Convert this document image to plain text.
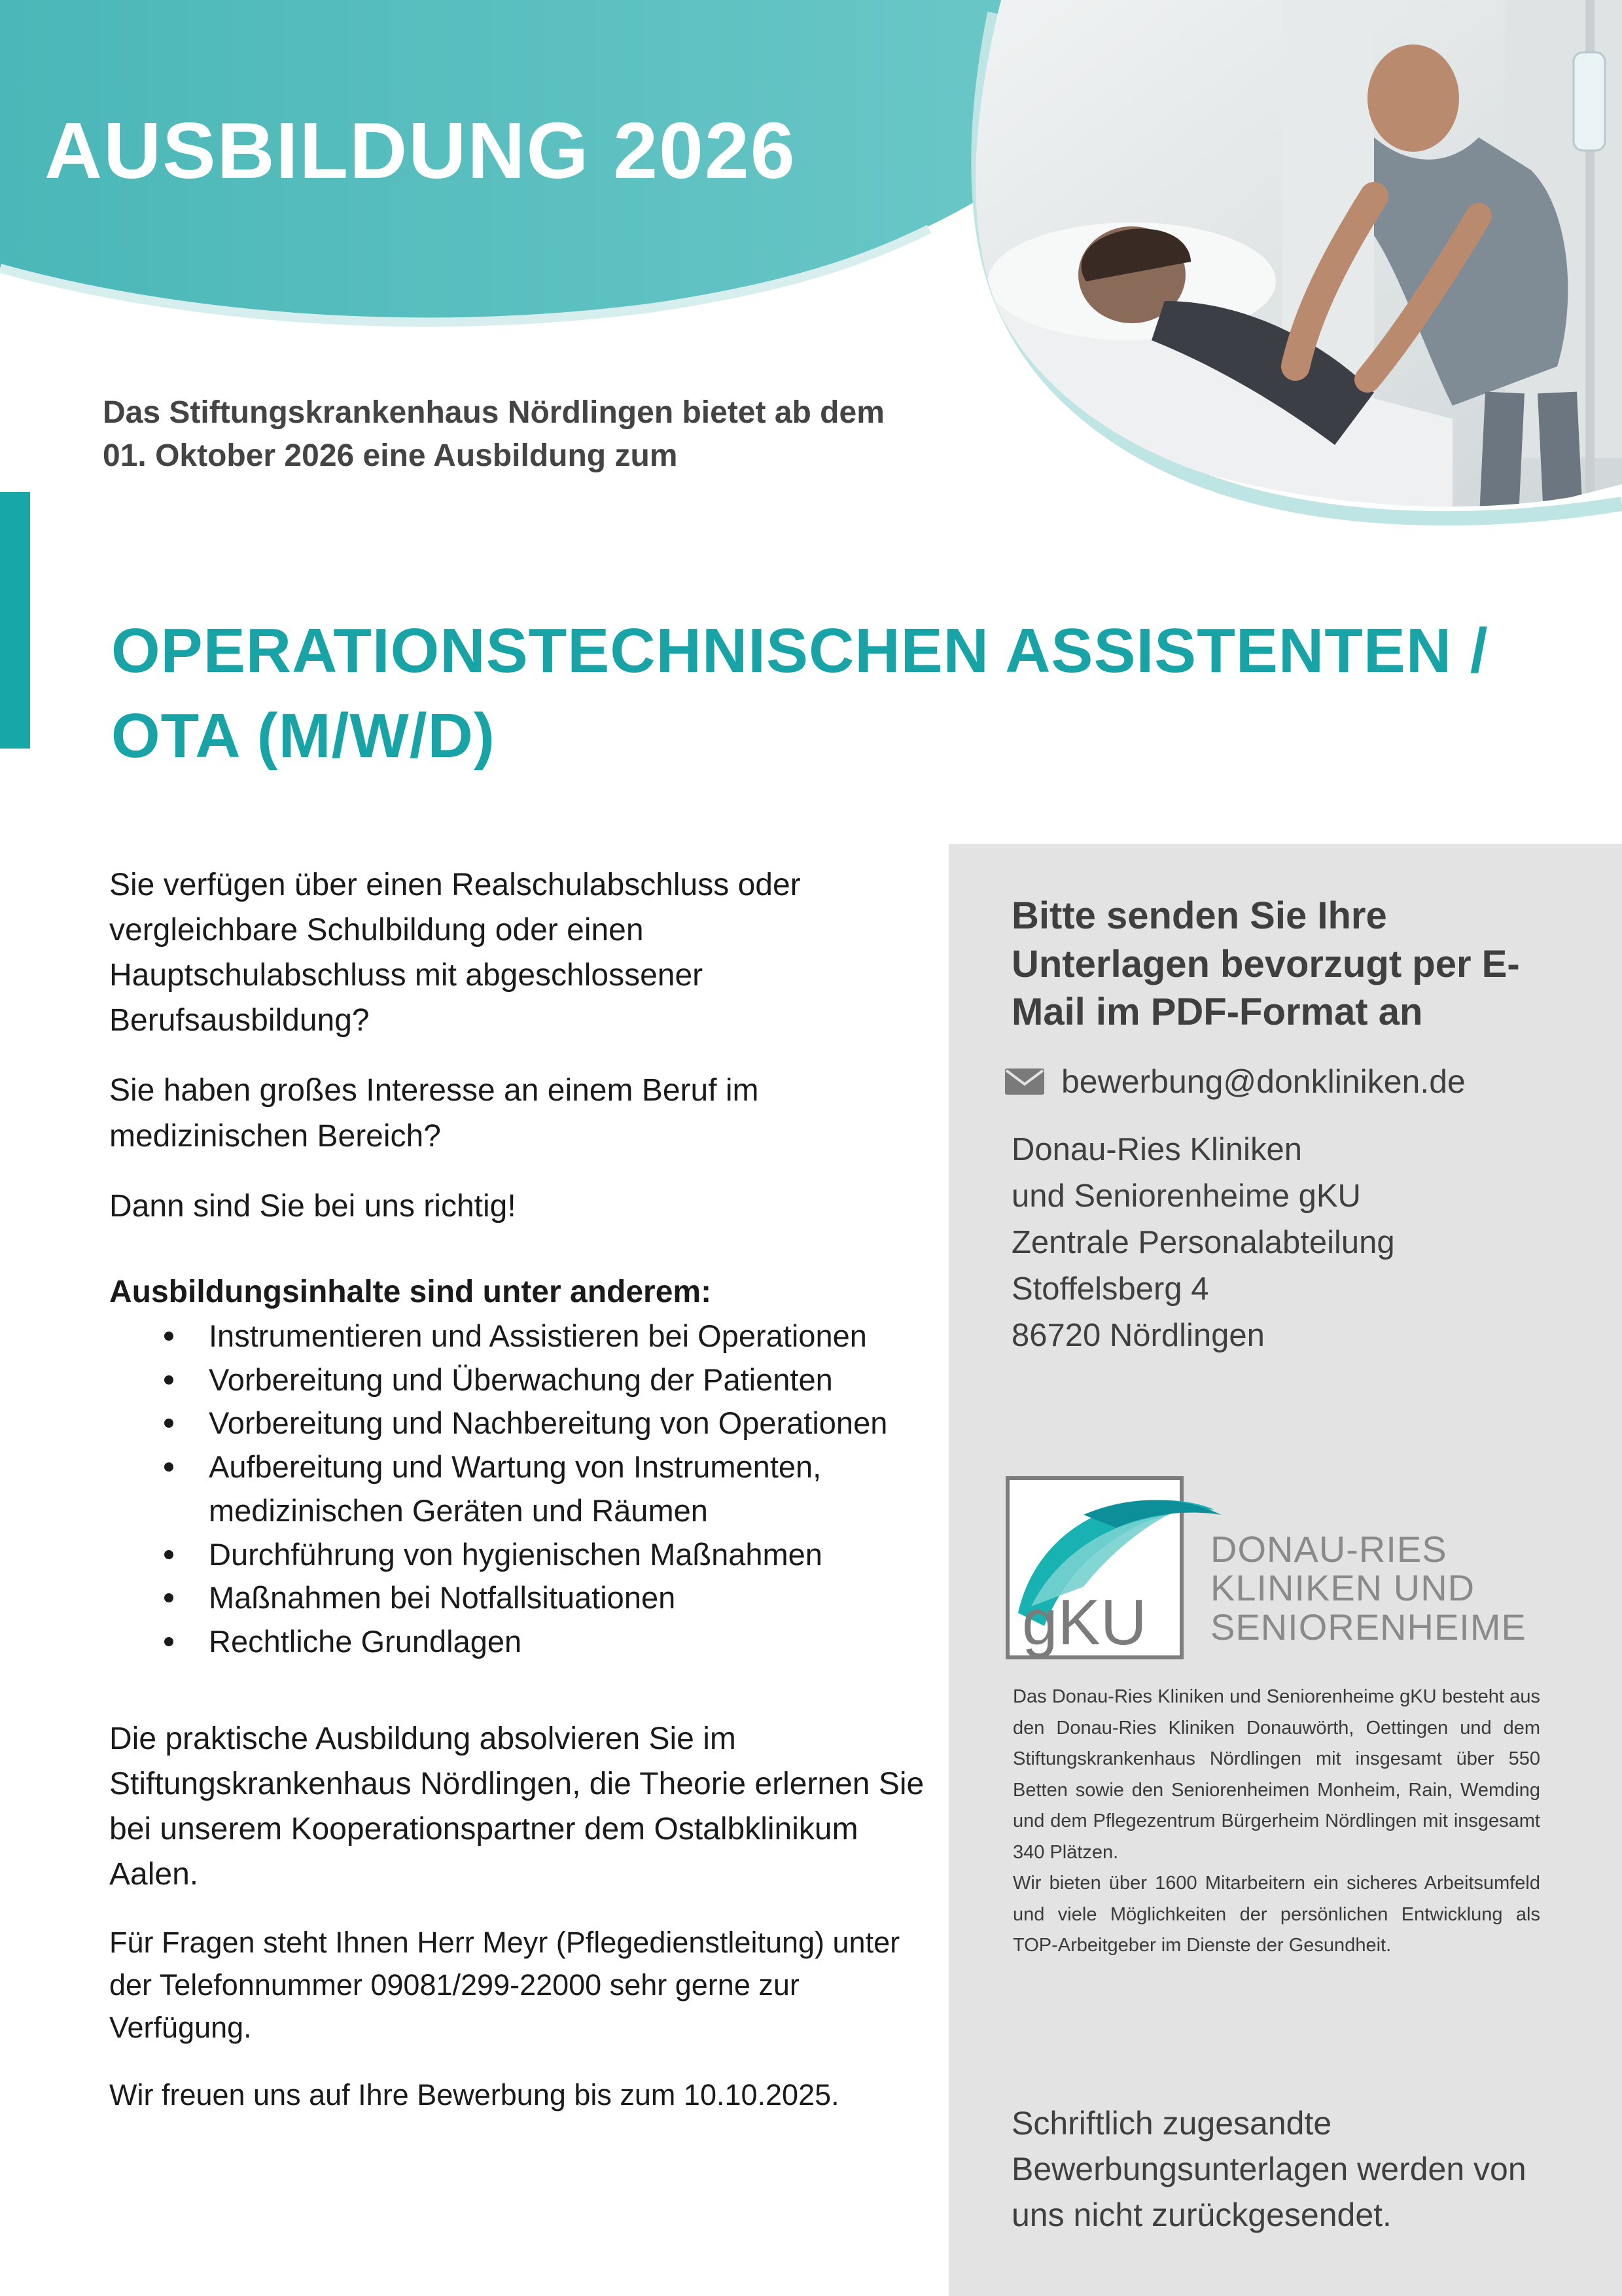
AUSBILDUNG 2026

Das Stiftungskrankenhaus Nördlingen bietet ab dem
01. Oktober 2026 eine Ausbildung zum

OPERATIONSTECHNISCHEN ASSISTENTEN /
OTA (M/W/D)

Sie verfügen über einen Realschulabschluss oder vergleichbare Schulbildung oder einen Hauptschulabschluss mit abgeschlossener Berufsausbildung?

Sie haben großes Interesse an einem Beruf im medizinischen Bereich?

Dann sind Sie bei uns richtig!

Ausbildungsinhalte sind unter anderem:

Instrumentieren und Assistieren bei Operationen
Vorbereitung und Überwachung der Patienten
Vorbereitung und Nachbereitung von Operationen
Aufbereitung und Wartung von Instrumenten, medizinischen Geräten und Räumen
Durchführung von hygienischen Maßnahmen
Maßnahmen bei Notfallsituationen
Rechtliche Grundlagen

Die praktische Ausbildung absolvieren Sie im Stiftungskrankenhaus Nördlingen, die Theorie erlernen Sie bei unserem Kooperationspartner dem Ostalbklinikum Aalen.

Für Fragen steht Ihnen Herr Meyr (Pflegedienstleitung) unter der Telefonnummer 09081/299-22000 sehr gerne zur Verfügung.

Wir freuen uns auf Ihre Bewerbung bis zum 10.10.2025.

Bitte senden Sie Ihre Unterlagen bevorzugt per E-Mail im PDF-Format an

bewerbung@donkliniken.de
Donau-Ries Kliniken
und Seniorenheime gKU
Zentrale Personalabteilung
Stoffelsberg 4
86720 Nördlingen
gKU
DONAU-RIES
KLINIKEN UND
SENIORENHEIME

Das Donau-Ries Kliniken und Seniorenheime gKU besteht aus den Donau-Ries Kliniken Donauwörth, Oettingen und dem Stiftungskrankenhaus Nördlingen mit insgesamt über 550 Betten sowie den Seniorenheimen Monheim, Rain, Wemding und dem Pflegezentrum Bürgerheim Nördlingen mit insgesamt 340 Plätzen.

Wir bieten über 1600 Mitarbeitern ein sicheres Arbeitsumfeld und viele Möglichkeiten der persönlichen Entwicklung als TOP-Arbeitgeber im Dienste der Gesundheit.

Schriftlich zugesandte Bewerbungsunterlagen werden von uns nicht zurückgesendet.
